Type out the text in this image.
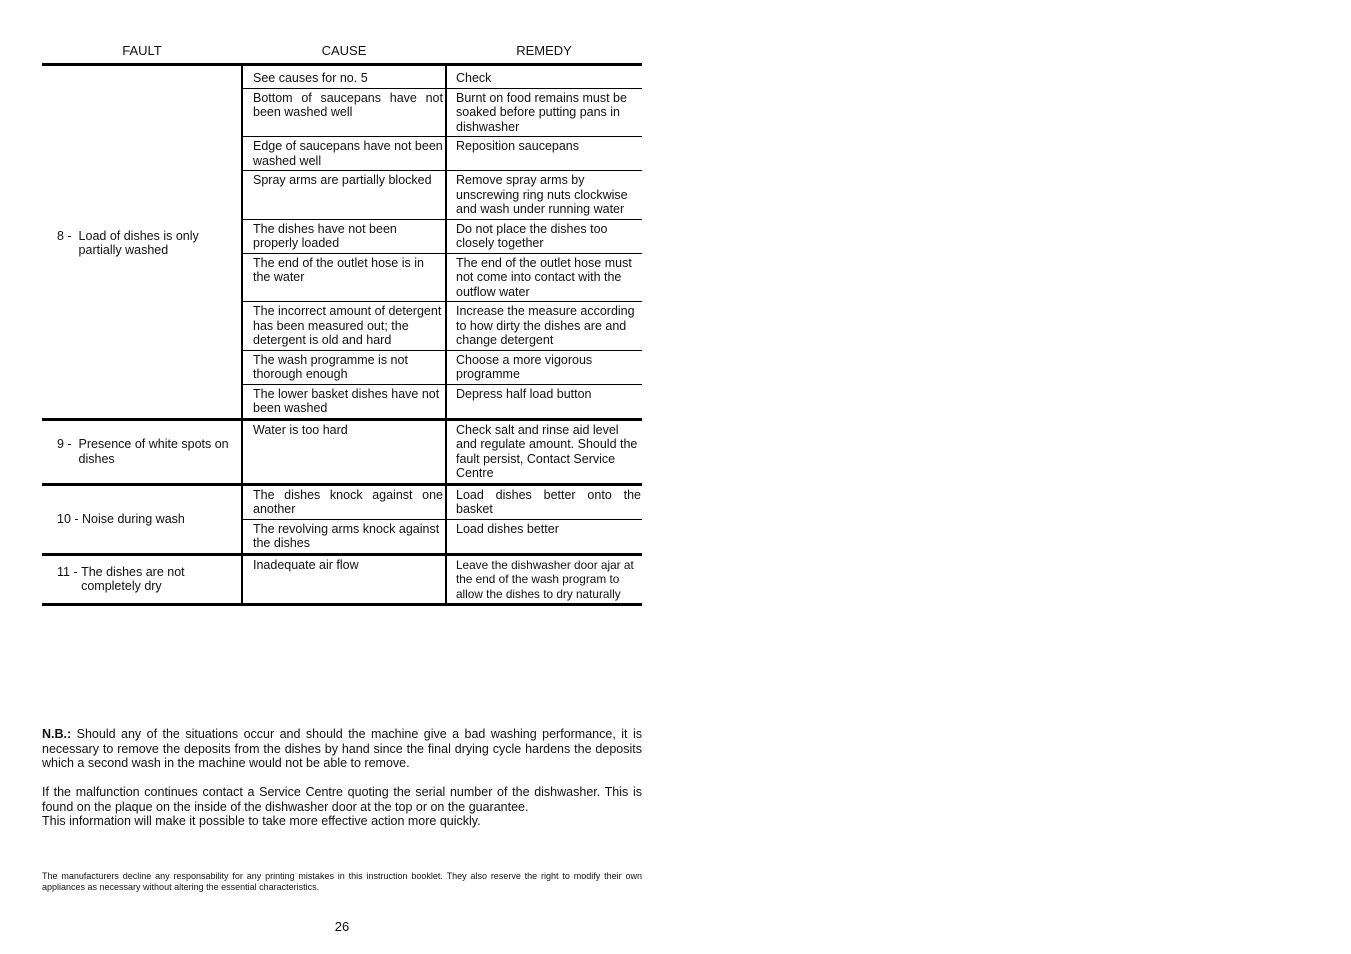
FAULT	CAUSE	REMEDY
8 - Load of dishes is only partially washed	See causes for no. 5	Check
	Bottom of saucepans have not been washed well	Burnt on food remains must be soaked before putting pans in dishwasher
	Edge of saucepans have not been washed well	Reposition saucepans
	Spray arms are partially blocked	Remove spray arms by unscrewing ring nuts clockwise and wash under running water
	The dishes have not been properly loaded	Do not place the dishes too closely together
	The end of the outlet hose is in the water	The end of the outlet hose must not come into contact with the outflow water
	The incorrect amount of detergent has been measured out; the detergent is old and hard	Increase the measure according to how dirty the dishes are and change detergent
	The wash programme is not thorough enough	Choose a more vigorous programme
	The lower basket dishes have not been washed	Depress half load button

9 - Presence of white spots on dishes	Water is too hard	Check salt and rinse aid level and regulate amount. Should the fault persist, Contact Service Centre

10 - Noise during wash	The dishes knock against one another	Load dishes better onto the basket
	The revolving arms knock against the dishes	Load dishes better

11 - The dishes are not completely dry	Inadequate air flow	Leave the dishwasher door ajar at the end of the wash program to allow the dishes to dry naturally

N.B.: Should any of the situations occur and should the machine give a bad washing performance, it is necessary to remove the deposits from the dishes by hand since the final drying cycle hardens the deposits which a second wash in the machine would not be able to remove.

If the malfunction continues contact a Service Centre quoting the serial number of the dishwasher. This is found on the plaque on the inside of the dishwasher door at the top or on the guarantee.
This information will make it possible to take more effective action more quickly.
The manufacturers decline any responsability for any printing mistakes in this instruction booklet. They also reserve the right to modify their own appliances as necessary without altering the essential characteristics.
26
